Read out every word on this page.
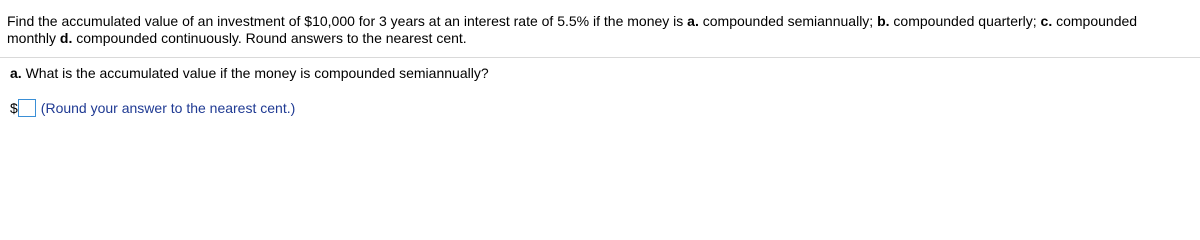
Find the accumulated value of an investment of $10,000 for 3 years at an interest rate of 5.5% if the money is a. compounded semiannually; b. compounded quarterly; c. compounded monthly d. compounded continuously. Round answers to the nearest cent.
a. What is the accumulated value if the money is compounded semiannually?
$ (Round your answer to the nearest cent.)
